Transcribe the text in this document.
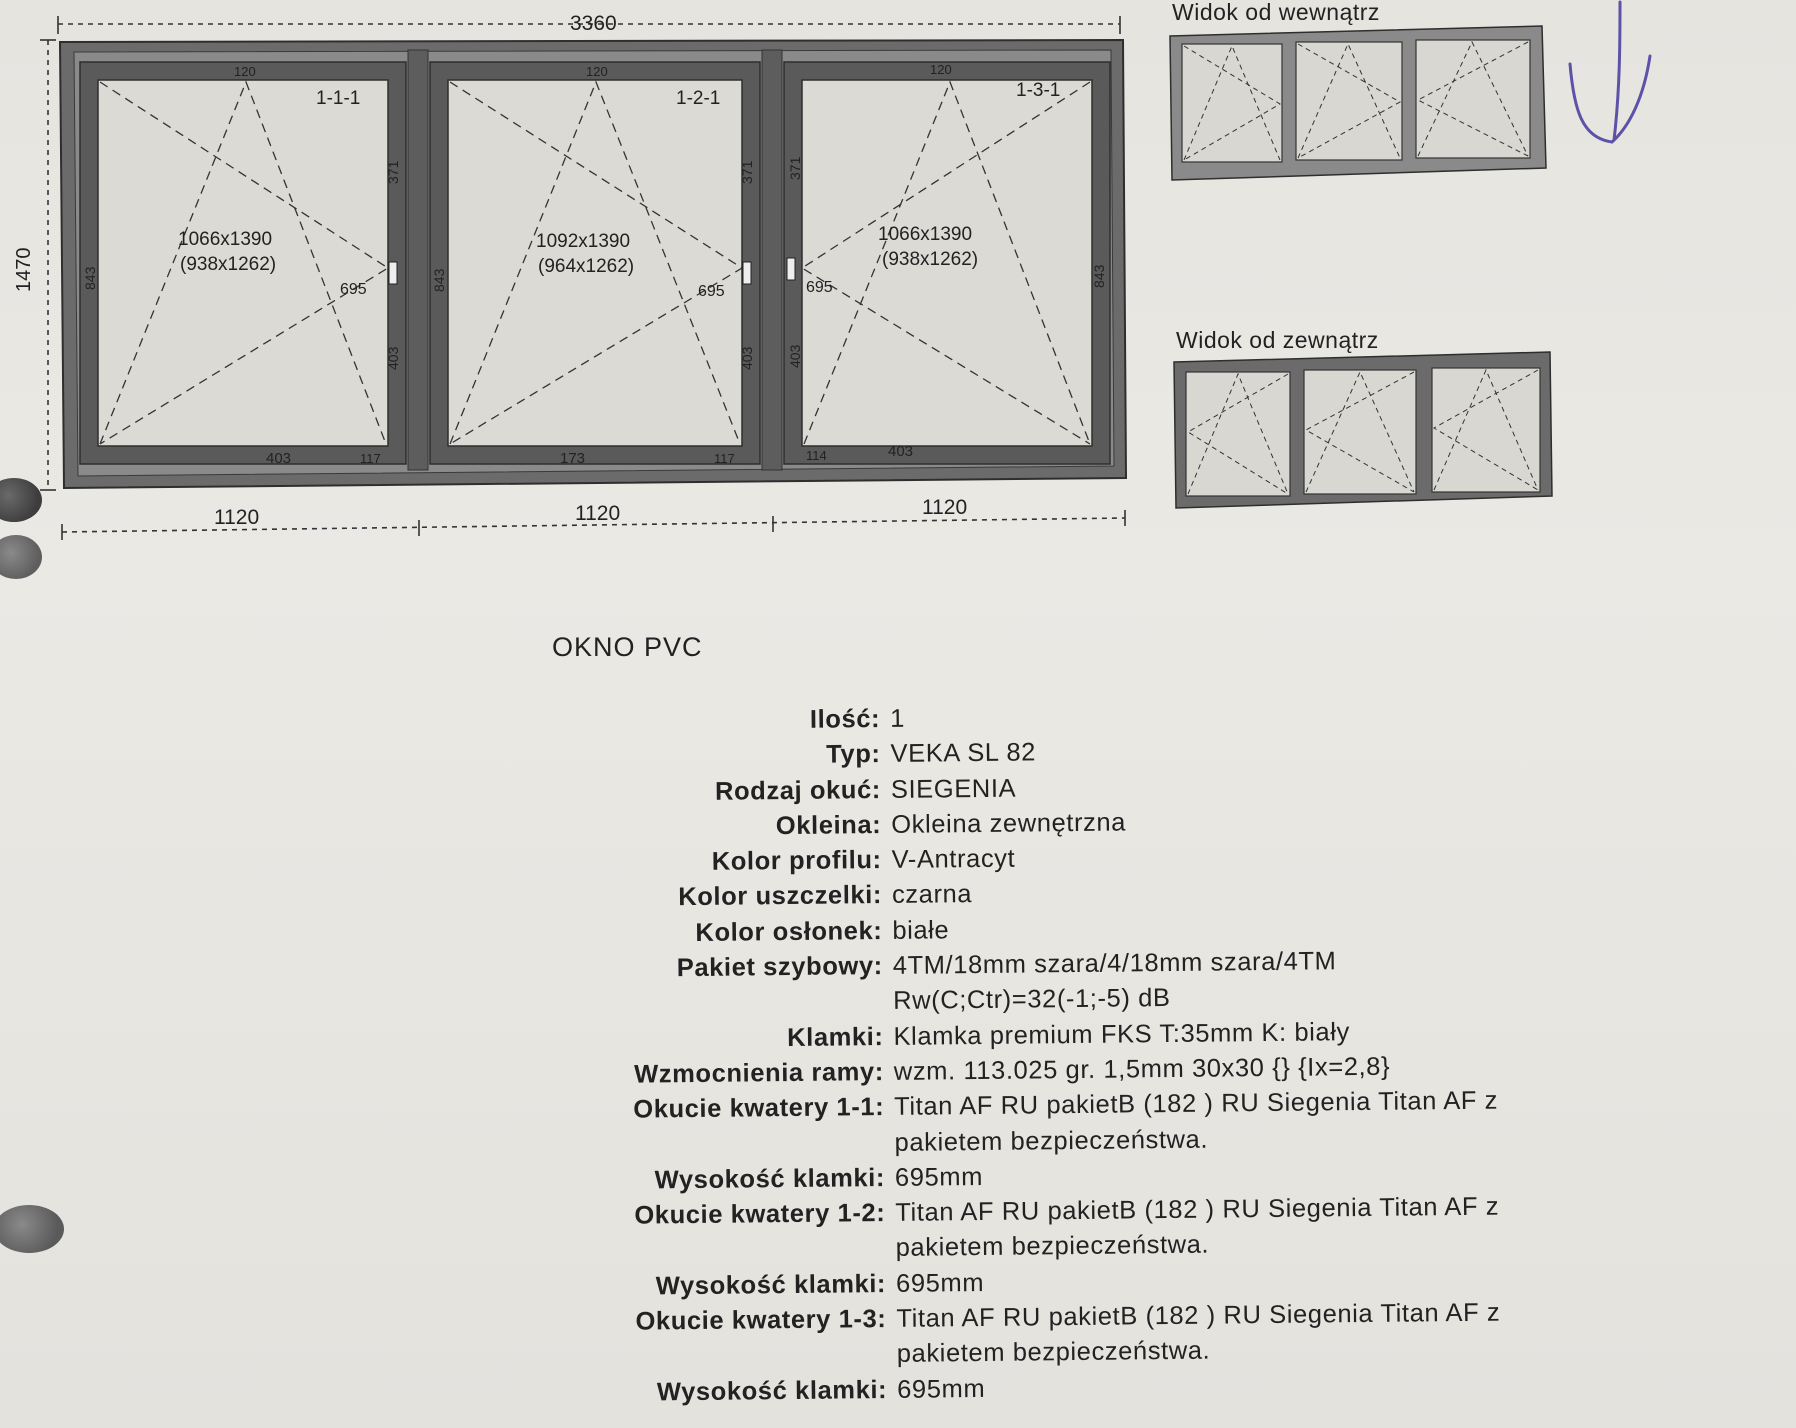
3360
1470
1120	1120	1120
1-1-1
1066x1390
(938x1262)
695
120
403	117
843
371
403
1-2-1
1092x1390
(964x1262)
695
120
173	117
843
371
403
1-3-1
1066x1390
(938x1262)
695
120
403
114
843
371
403
Widok od wewnątrz
Widok od zewnątrz
OKNO PVC
Ilość: 1
Typ: VEKA SL 82
Rodzaj okuć: SIEGENIA
Okleina: Okleina zewnętrzna
Kolor profilu: V-Antracyt
Kolor uszczelki: czarna
Kolor osłonek: białe
Pakiet szybowy: 4TM/18mm szara/4/18mm szara/4TM
Rw(C;Ctr)=32(-1;-5) dB
Klamki: Klamka premium FKS T:35mm K: biały
Wzmocnienia ramy: wzm. 113.025 gr. 1,5mm 30x30 {} {Ix=2,8}
Okucie kwatery 1-1: Titan AF RU pakietB (182 ) RU Siegenia Titan AF z
pakietem bezpieczeństwa.
Wysokość klamki: 695mm
Okucie kwatery 1-2: Titan AF RU pakietB (182 ) RU Siegenia Titan AF z
pakietem bezpieczeństwa.
Wysokość klamki: 695mm
Okucie kwatery 1-3: Titan AF RU pakietB (182 ) RU Siegenia Titan AF z
pakietem bezpieczeństwa.
Wysokość klamki: 695mm
